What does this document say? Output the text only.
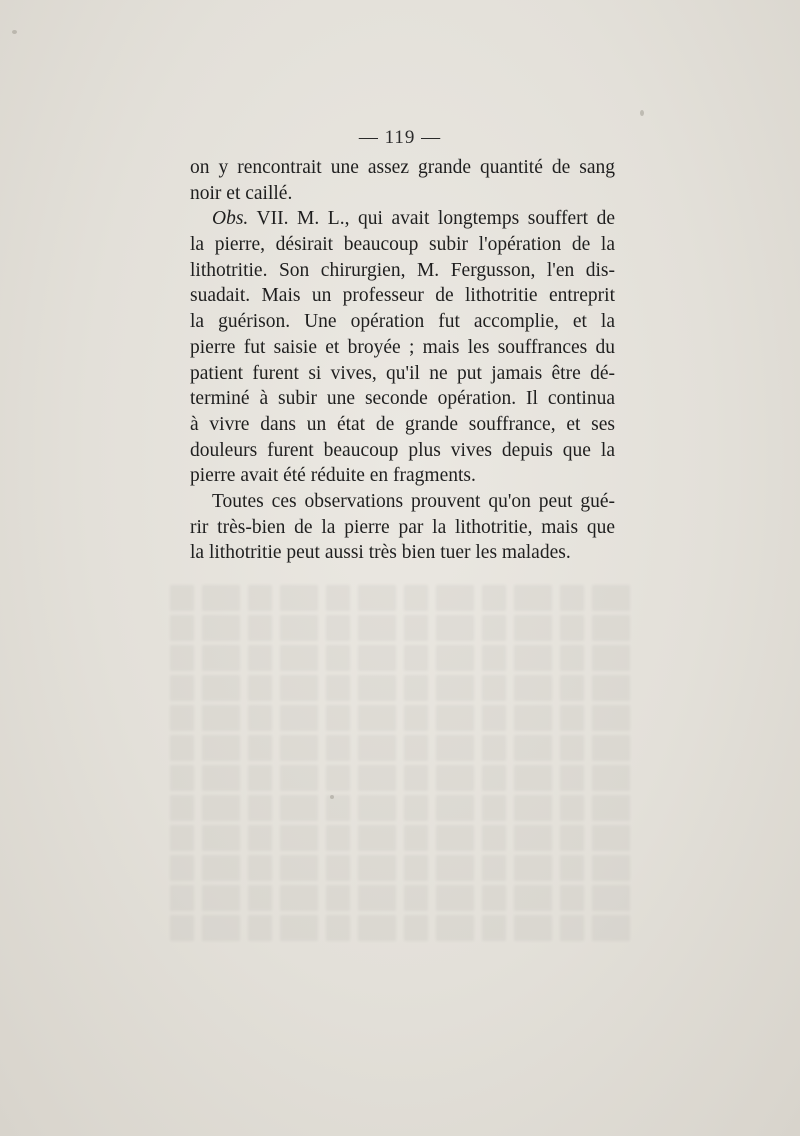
— 119 —
on y rencontrait une assez grande quantité de sang
noir et caillé.
Obs. VII. M. L., qui avait longtemps souffert de
la pierre, désirait beaucoup subir l'opération de la
lithotritie. Son chirurgien, M. Fergusson, l'en dis-
suadait. Mais un professeur de lithotritie entreprit
la guérison. Une opération fut accomplie, et la
pierre fut saisie et broyée ; mais les souffrances du
patient furent si vives, qu'il ne put jamais être dé-
terminé à subir une seconde opération. Il continua
à vivre dans un état de grande souffrance, et ses
douleurs furent beaucoup plus vives depuis que la
pierre avait été réduite en fragments.
Toutes ces observations prouvent qu'on peut gué-
rir très-bien de la pierre par la lithotritie, mais que
la lithotritie peut aussi très bien tuer les malades.
